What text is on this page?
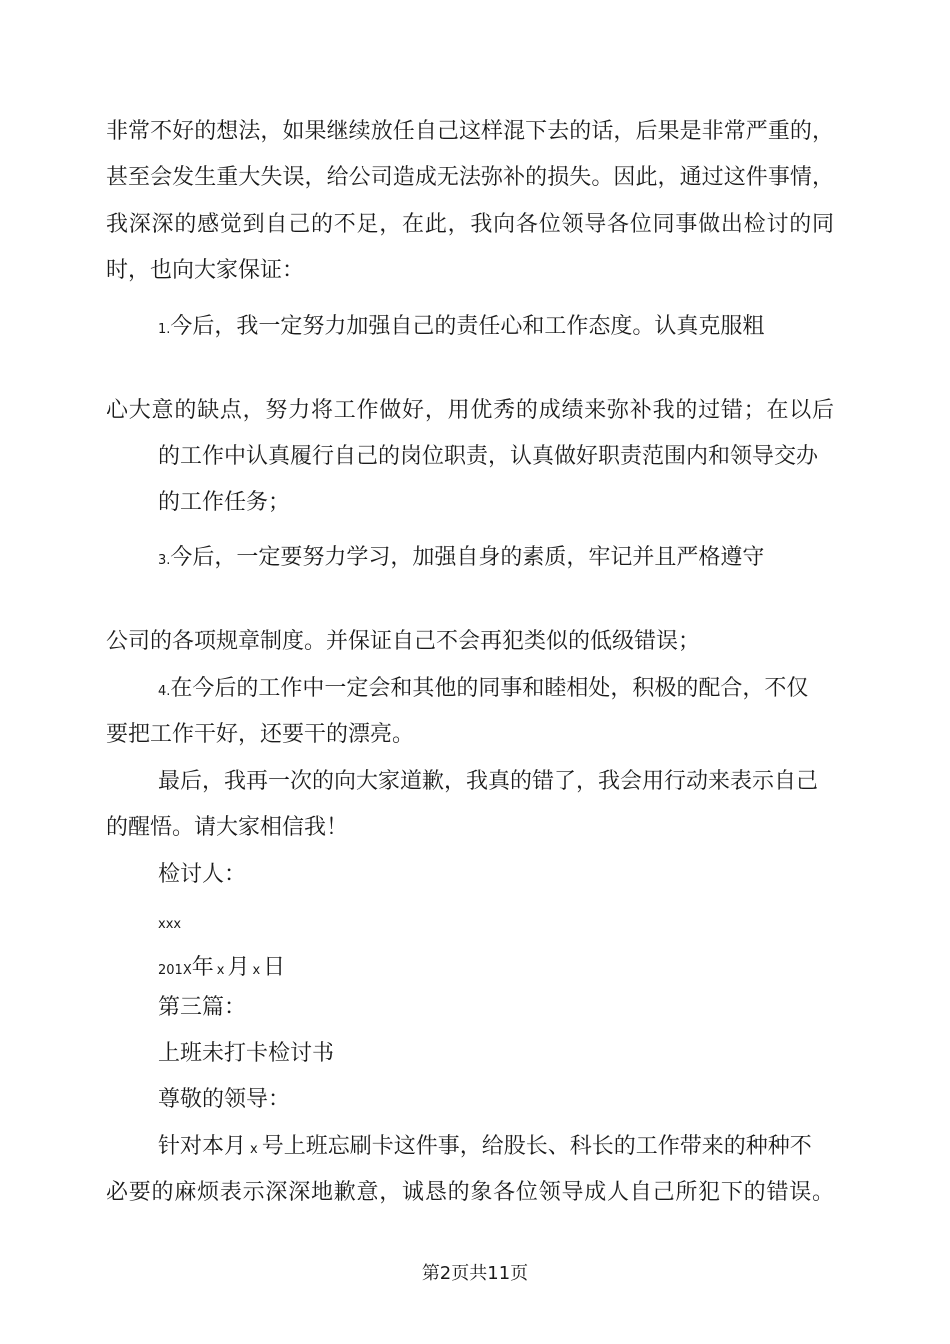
非常不好的想法，如果继续放任自己这样混下去的话，后果是非常严重的，
甚至会发生重大失误，给公司造成无法弥补的损失。因此，通过这件事情，
我深深的感觉到自己的不足，在此，我向各位领导各位同事做出检讨的同
时，也向大家保证：
1.今后，我一定努力加强自己的责任心和工作态度。认真克服粗
心大意的缺点，努力将工作做好，用优秀的成绩来弥补我的过错；在以后
的工作中认真履行自己的岗位职责，认真做好职责范围内和领导交办
的工作任务；
3.今后，一定要努力学习，加强自身的素质，牢记并且严格遵守
公司的各项规章制度。并保证自己不会再犯类似的低级错误；
4.在今后的工作中一定会和其他的同事和睦相处，积极的配合，不仅
要把工作干好，还要干的漂亮。
最后，我再一次的向大家道歉，我真的错了，我会用行动来表示自己
的醒悟。请大家相信我！
检讨人：
xxx
201X年 x 月 x 日
第三篇：
上班未打卡检讨书
尊敬的领导：
针对本月 x 号上班忘刷卡这件事，给股长、科长的工作带来的种种不
必要的麻烦表示深深地歉意，诚恳的象各位领导成人自己所犯下的错误。
第2页共11页
